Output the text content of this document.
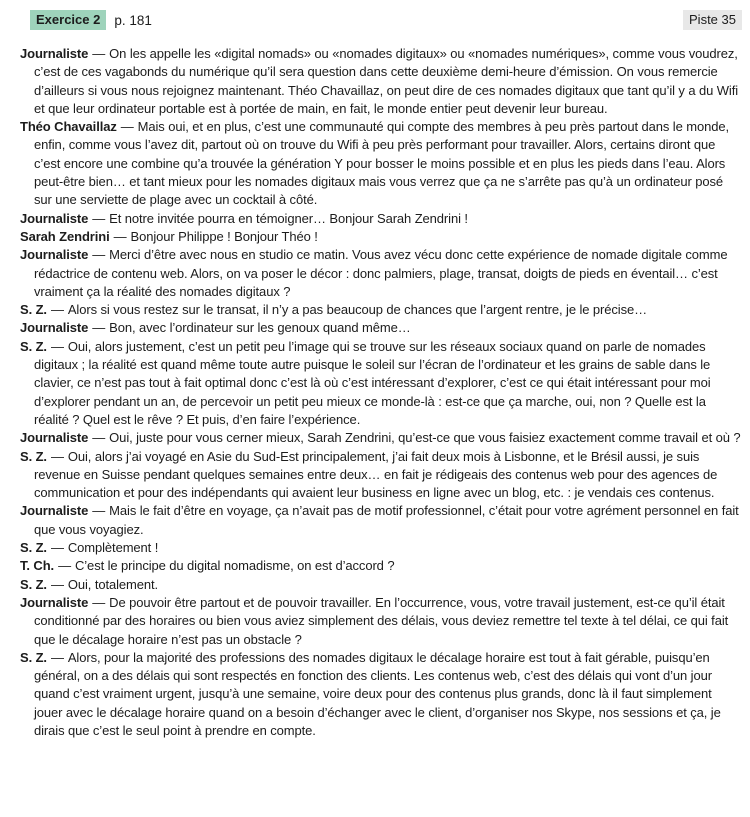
Exercice 2	p. 181	Piste 35

Journaliste — On les appelle les «digital nomads» ou «nomades digitaux» ou «nomades numériques», comme vous voudrez, c’est de ces vagabonds du numérique qu’il sera question dans cette deuxième demi-heure d’émission. On vous remercie d’ailleurs si vous nous rejoignez maintenant. Théo Chavaillaz, on peut dire de ces nomades digitaux que tant qu’il y a du Wifi et que leur ordinateur portable est à portée de main, en fait, le monde entier peut devenir leur bureau.

Théo Chavaillaz — Mais oui, et en plus, c’est une communauté qui compte des membres à peu près partout dans le monde, enfin, comme vous l’avez dit, partout où on trouve du Wifi à peu près performant pour travailler. Alors, certains diront que c’est encore une combine qu’a trouvée la génération Y pour bosser le moins possible et en plus les pieds dans l’eau. Alors peut-être bien… et tant mieux pour les nomades digitaux mais vous verrez que ça ne s’arrête pas qu’à un ordinateur posé sur une serviette de plage avec un cocktail à côté.

Journaliste — Et notre invitée pourra en témoigner… Bonjour Sarah Zendrini !

Sarah Zendrini — Bonjour Philippe ! Bonjour Théo !

Journaliste — Merci d’être avec nous en studio ce matin. Vous avez vécu donc cette expérience de nomade digitale comme rédactrice de contenu web. Alors, on va poser le décor : donc palmiers, plage, transat, doigts de pieds en éventail… c’est vraiment ça la réalité des nomades digitaux ?

S. Z. — Alors si vous restez sur le transat, il n’y a pas beaucoup de chances que l’argent rentre, je le précise…

Journaliste — Bon, avec l’ordinateur sur les genoux quand même…

S. Z. — Oui, alors justement, c’est un petit peu l’image qui se trouve sur les réseaux sociaux quand on parle de nomades digitaux ; la réalité est quand même toute autre puisque le soleil sur l’écran de l’ordinateur et les grains de sable dans le clavier, ce n’est pas tout à fait optimal donc c’est là où c’est intéressant d’explorer, c’est ce qui était intéressant pour moi d’explorer pendant un an, de percevoir un petit peu mieux ce monde-là : est-ce que ça marche, oui, non ? Quelle est la réalité ? Quel est le rêve ? Et puis, d’en faire l’expérience.

Journaliste — Oui, juste pour vous cerner mieux, Sarah Zendrini, qu’est-ce que vous faisiez exactement comme travail et où ?

S. Z. — Oui, alors j’ai voyagé en Asie du Sud-Est principalement, j’ai fait deux mois à Lisbonne, et le Brésil aussi, je suis revenue en Suisse pendant quelques semaines entre deux… en fait je rédigeais des contenus web pour des agences de communication et pour des indépendants qui avaient leur business en ligne avec un blog, etc. : je vendais ces contenus.

Journaliste — Mais le fait d’être en voyage, ça n’avait pas de motif professionnel, c’était pour votre agrément personnel en fait que vous voyagiez.

S. Z. — Complètement !

T. Ch. — C’est le principe du digital nomadisme, on est d’accord ?

S. Z. — Oui, totalement.

Journaliste — De pouvoir être partout et de pouvoir travailler. En l’occurrence, vous, votre travail justement, est-ce qu’il était conditionné par des horaires ou bien vous aviez simplement des délais, vous deviez remettre tel texte à tel délai, ce qui fait que le décalage horaire n’est pas un obstacle ?

S. Z. — Alors, pour la majorité des professions des nomades digitaux le décalage horaire est tout à fait gérable, puisqu’en général, on a des délais qui sont respectés en fonction des clients. Les contenus web, c’est des délais qui vont d’un jour quand c’est vraiment urgent, jusqu’à une semaine, voire deux pour des contenus plus grands, donc là il faut simplement jouer avec le décalage horaire quand on a besoin d’échanger avec le client, d’organiser nos Skype, nos sessions et ça, je dirais que c’est le seul point à prendre en compte.
